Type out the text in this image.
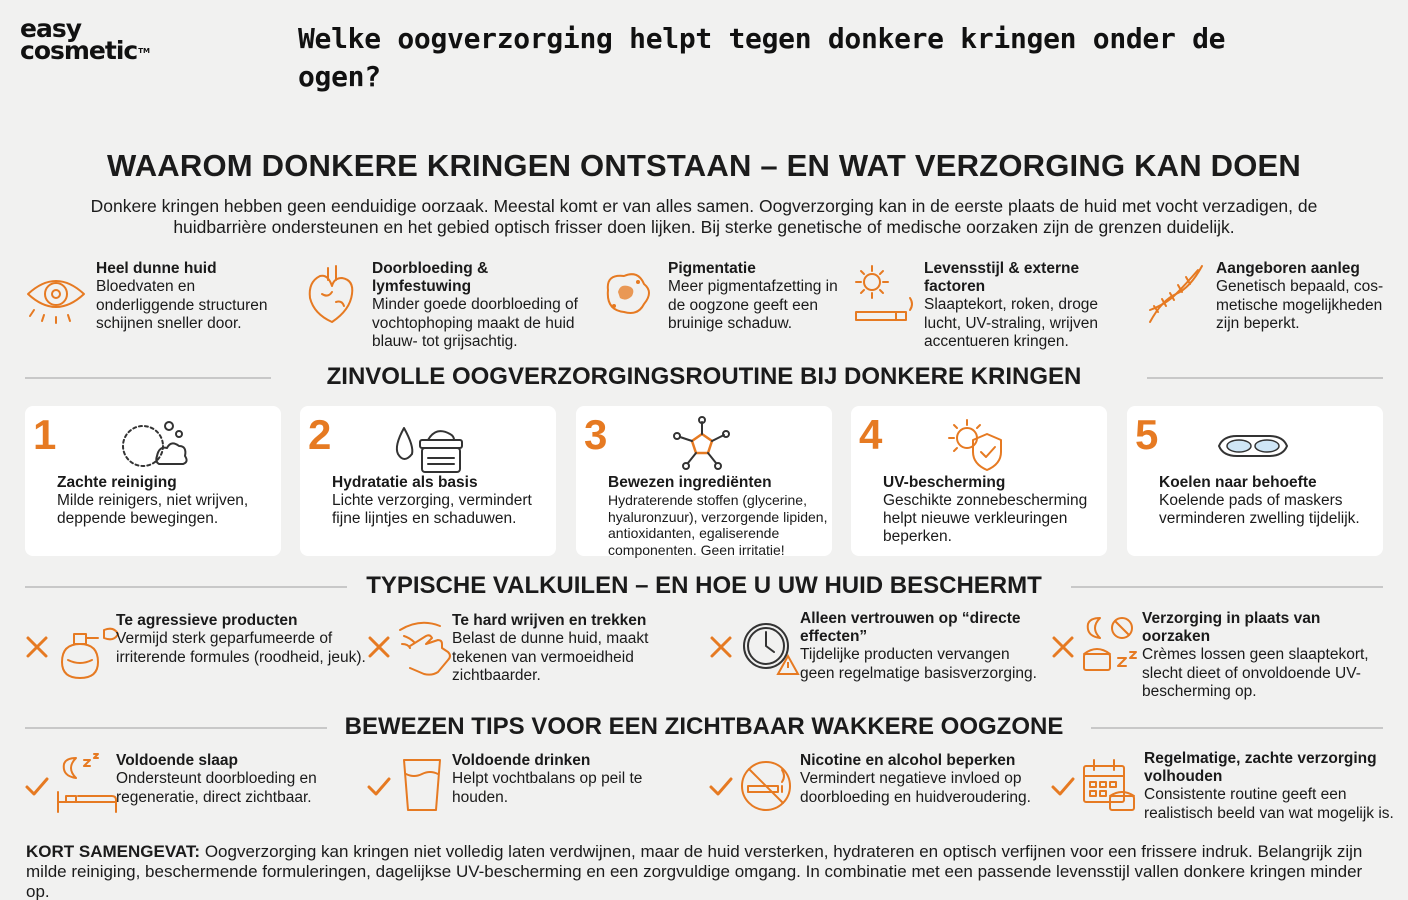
easy
cosmetic™	Welke oogverzorging helpt tegen donkere kringen onder de ogen?
WAAROM DONKERE KRINGEN ONTSTAAN – EN WAT VERZORGING KAN DOEN
Donkere kringen hebben geen eenduidige oorzaak. Meestal komt er van alles samen. Oogverzorging kan in de eerste plaats de huid met vocht verzadigen, de huidbarrière ondersteunen en het gebied optisch frisser doen lijken. Bij sterke genetische of medische oorzaken zijn de grenzen duidelijk.
Heel dunne huid
Bloedvaten en onderliggende structuren schijnen sneller door.
Doorbloeding & lymfestuwing
Minder goede doorbloeding of vochtophoping maakt de huid blauw- tot grijsachtig.
Pigmentatie
Meer pigmentafzetting in de oogzone geeft een bruinige schaduw.
Levensstijl & externe factoren
Slaaptekort, roken, droge lucht, UV-straling, wrijven accentueren kringen.
Aangeboren aanleg
Genetisch bepaald, cos-metische mogelijkheden zijn beperkt.
ZINVOLLE OOGVERZORGINGSROUTINE BIJ DONKERE KRINGEN
1
Zachte reiniging
Milde reinigers, niet wrijven, deppende bewegingen.
2
Hydratatie als basis
Lichte verzorging, vermindert fijne lijntjes en schaduwen.
3
Bewezen ingrediënten
Hydraterende stoffen (glycerine, hyaluronzuur), verzorgende lipiden, antioxidanten, egaliserende componenten. Geen irritatie!
4
UV-bescherming
Geschikte zonnebescherming helpt nieuwe verkleuringen beperken.
5
Koelen naar behoefte
Koelende pads of maskers verminderen zwelling tijdelijk.
TYPISCHE VALKUILEN – EN HOE U UW HUID BESCHERMT
Te agressieve producten
Vermijd sterk geparfumeerde of irriterende formules (roodheid, jeuk).
Te hard wrijven en trekken
Belast de dunne huid, maakt tekenen van vermoeidheid zichtbaarder.
Alleen vertrouwen op “directe effecten”
Tijdelijke producten vervangen geen regelmatige basisverzorging.
Verzorging in plaats van oorzaken
Crèmes lossen geen slaaptekort, slecht dieet of onvoldoende UV-bescherming op.
BEWEZEN TIPS VOOR EEN ZICHTBAAR WAKKERE OOGZONE
Voldoende slaap
Ondersteunt doorbloeding en regeneratie, direct zichtbaar.
Voldoende drinken
Helpt vochtbalans op peil te houden.
Nicotine en alcohol beperken
Vermindert negatieve invloed op doorbloeding en huidveroudering.
Regelmatige, zachte verzorging volhouden
Consistente routine geeft een realistisch beeld van wat mogelijk is.
KORT SAMENGEVAT: Oogverzorging kan kringen niet volledig laten verdwijnen, maar de huid versterken, hydrateren en optisch verfijnen voor een frissere indruk. Belangrijk zijn milde reiniging, beschermende formuleringen, dagelijkse UV-bescherming en een zorgvuldige omgang. In combinatie met een passende levensstijl vallen donkere kringen minder op.
